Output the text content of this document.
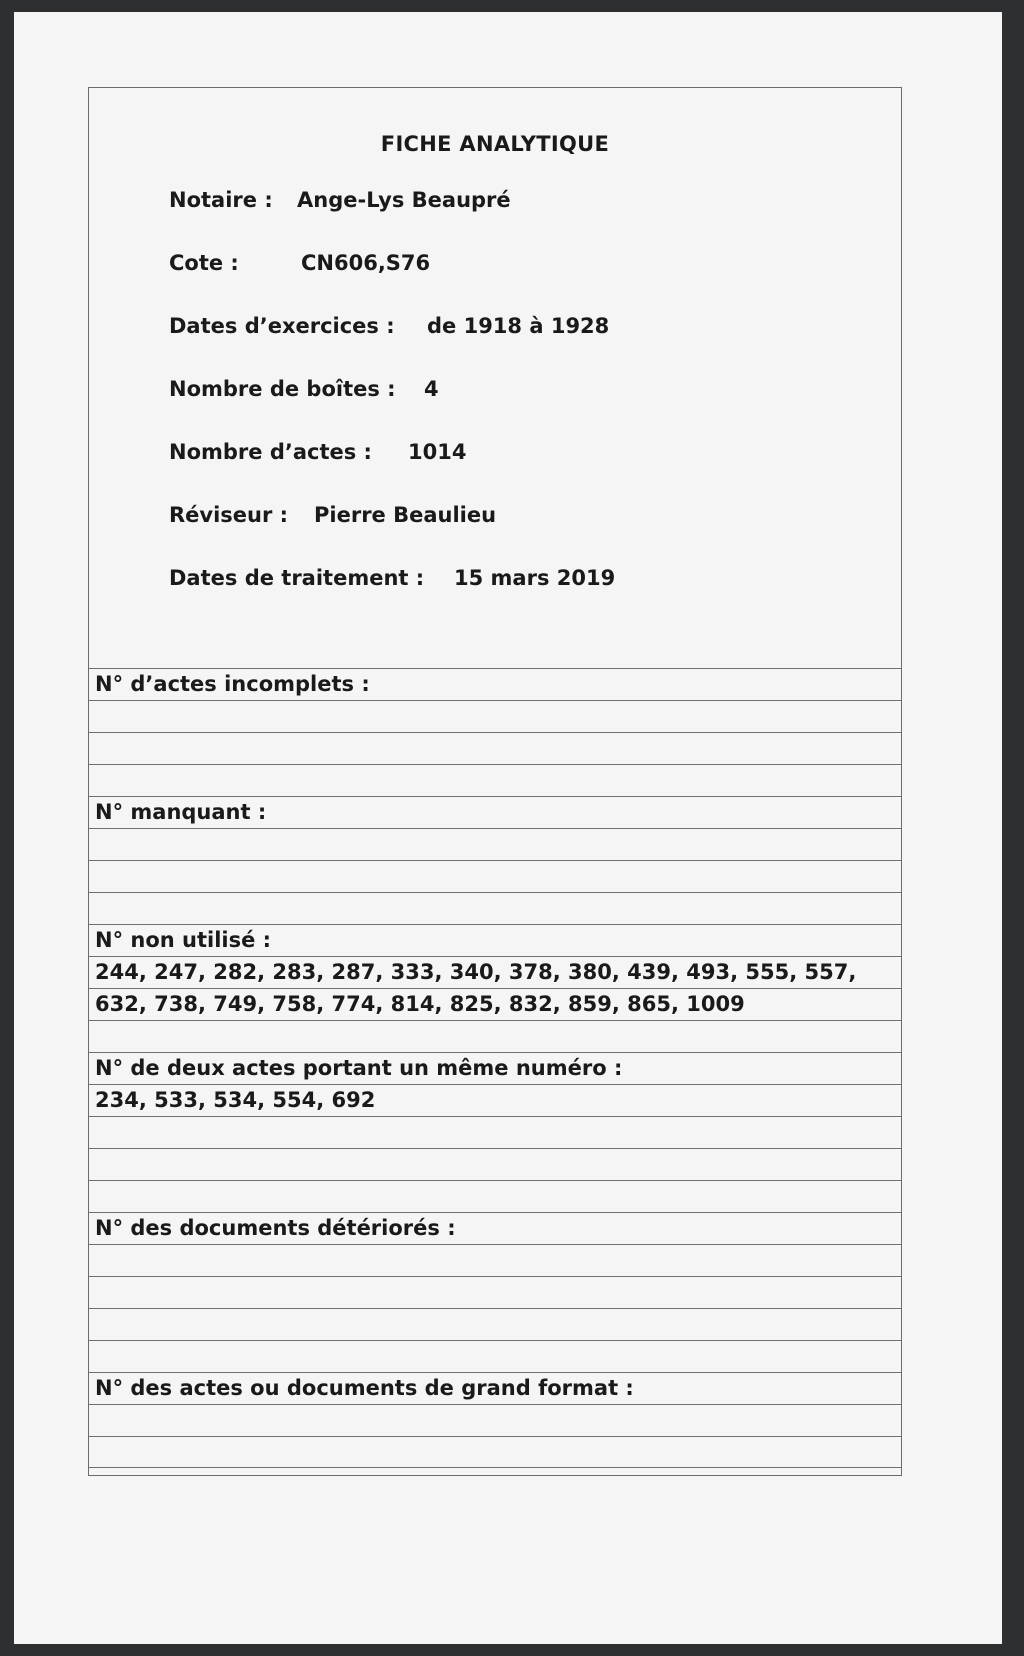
FICHE ANALYTIQUE
Notaire : Ange-Lys Beaupré
Cote :	CN606,S76
Dates d’exercices : de 1918 à 1928
Nombre de boîtes : 4
Nombre d’actes : 1014
Réviseur : Pierre Beaulieu
Dates de traitement : 15 mars 2019
N° d’actes incomplets :
N° manquant :
N° non utilisé :
244, 247, 282, 283, 287, 333, 340, 378, 380, 439, 493, 555, 557,
632, 738, 749, 758, 774, 814, 825, 832, 859, 865, 1009
N° de deux actes portant un même numéro :
234, 533, 534, 554, 692
N° des documents détériorés :
N° des actes ou documents de grand format :
